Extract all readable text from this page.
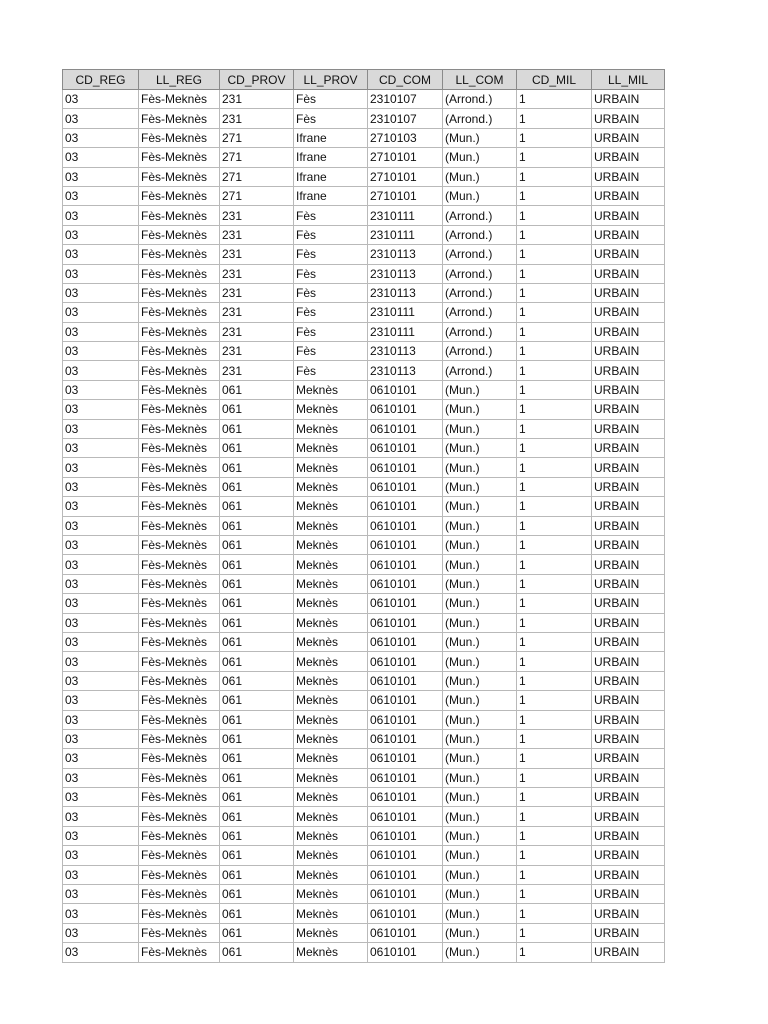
CD_REG	LL_REG	CD_PROV	LL_PROV	CD_COM	LL_COM	CD_MIL	LL_MIL
03	Fès-Meknès	231	Fès	2310107	(Arrond.)	1	URBAIN
03	Fès-Meknès	231	Fès	2310107	(Arrond.)	1	URBAIN
03	Fès-Meknès	271	Ifrane	2710103	(Mun.)	1	URBAIN
03	Fès-Meknès	271	Ifrane	2710101	(Mun.)	1	URBAIN
03	Fès-Meknès	271	Ifrane	2710101	(Mun.)	1	URBAIN
03	Fès-Meknès	271	Ifrane	2710101	(Mun.)	1	URBAIN
03	Fès-Meknès	231	Fès	2310111	(Arrond.)	1	URBAIN
03	Fès-Meknès	231	Fès	2310111	(Arrond.)	1	URBAIN
03	Fès-Meknès	231	Fès	2310113	(Arrond.)	1	URBAIN
03	Fès-Meknès	231	Fès	2310113	(Arrond.)	1	URBAIN
03	Fès-Meknès	231	Fès	2310113	(Arrond.)	1	URBAIN
03	Fès-Meknès	231	Fès	2310111	(Arrond.)	1	URBAIN
03	Fès-Meknès	231	Fès	2310111	(Arrond.)	1	URBAIN
03	Fès-Meknès	231	Fès	2310113	(Arrond.)	1	URBAIN
03	Fès-Meknès	231	Fès	2310113	(Arrond.)	1	URBAIN
03	Fès-Meknès	061	Meknès	0610101	(Mun.)	1	URBAIN
03	Fès-Meknès	061	Meknès	0610101	(Mun.)	1	URBAIN
03	Fès-Meknès	061	Meknès	0610101	(Mun.)	1	URBAIN
03	Fès-Meknès	061	Meknès	0610101	(Mun.)	1	URBAIN
03	Fès-Meknès	061	Meknès	0610101	(Mun.)	1	URBAIN
03	Fès-Meknès	061	Meknès	0610101	(Mun.)	1	URBAIN
03	Fès-Meknès	061	Meknès	0610101	(Mun.)	1	URBAIN
03	Fès-Meknès	061	Meknès	0610101	(Mun.)	1	URBAIN
03	Fès-Meknès	061	Meknès	0610101	(Mun.)	1	URBAIN
03	Fès-Meknès	061	Meknès	0610101	(Mun.)	1	URBAIN
03	Fès-Meknès	061	Meknès	0610101	(Mun.)	1	URBAIN
03	Fès-Meknès	061	Meknès	0610101	(Mun.)	1	URBAIN
03	Fès-Meknès	061	Meknès	0610101	(Mun.)	1	URBAIN
03	Fès-Meknès	061	Meknès	0610101	(Mun.)	1	URBAIN
03	Fès-Meknès	061	Meknès	0610101	(Mun.)	1	URBAIN
03	Fès-Meknès	061	Meknès	0610101	(Mun.)	1	URBAIN
03	Fès-Meknès	061	Meknès	0610101	(Mun.)	1	URBAIN
03	Fès-Meknès	061	Meknès	0610101	(Mun.)	1	URBAIN
03	Fès-Meknès	061	Meknès	0610101	(Mun.)	1	URBAIN
03	Fès-Meknès	061	Meknès	0610101	(Mun.)	1	URBAIN
03	Fès-Meknès	061	Meknès	0610101	(Mun.)	1	URBAIN
03	Fès-Meknès	061	Meknès	0610101	(Mun.)	1	URBAIN
03	Fès-Meknès	061	Meknès	0610101	(Mun.)	1	URBAIN
03	Fès-Meknès	061	Meknès	0610101	(Mun.)	1	URBAIN
03	Fès-Meknès	061	Meknès	0610101	(Mun.)	1	URBAIN
03	Fès-Meknès	061	Meknès	0610101	(Mun.)	1	URBAIN
03	Fès-Meknès	061	Meknès	0610101	(Mun.)	1	URBAIN
03	Fès-Meknès	061	Meknès	0610101	(Mun.)	1	URBAIN
03	Fès-Meknès	061	Meknès	0610101	(Mun.)	1	URBAIN
03	Fès-Meknès	061	Meknès	0610101	(Mun.)	1	URBAIN
